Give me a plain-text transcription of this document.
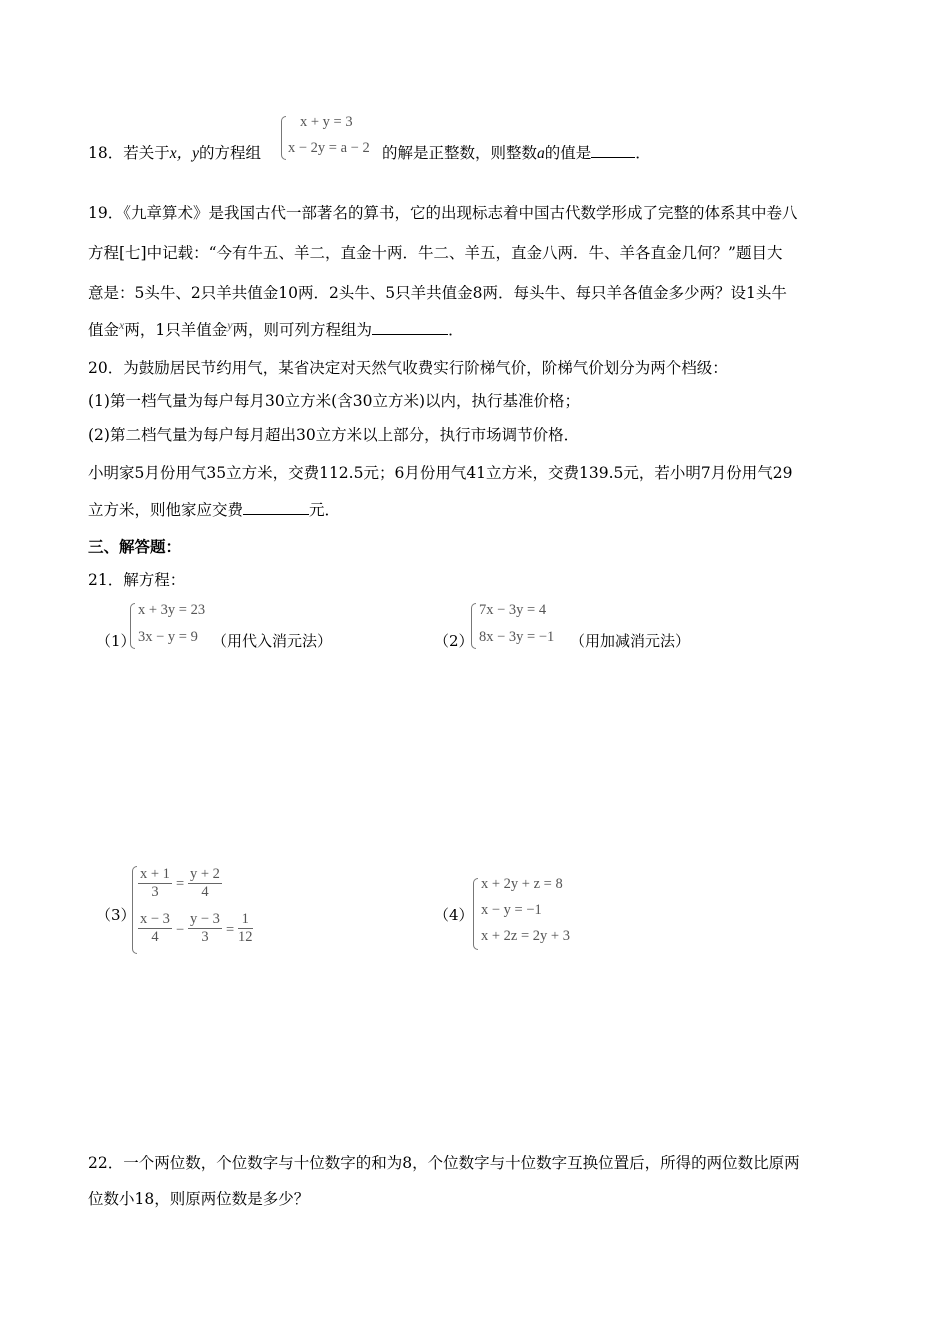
18．若关于x，y的方程组
x + y = 3
x − 2y = a − 2 的解是正整数，则整数a的值是	．
19．《九章算术》是我国古代一部著名的算书，它的出现标志着中国古代数学形成了完整的体系其中卷八
方程[七]中记载：“今有牛五、羊二，直金十两．牛二、羊五，直金八两．牛、羊各直金几何？”题目大
意是：5头牛、2只羊共值金10两．2头牛、5只羊共值金8两．每头牛、每只羊各值金多少两？设1头牛
值金$^x$两，1只羊值金$^y$两，则可列方程组为	．
20．为鼓励居民节约用气，某省决定对天然气收费实行阶梯气价，阶梯气价划分为两个档级：
(1)第一档气量为每户每月30立方米(含30立方米)以内，执行基准价格；
(2)第二档气量为每户每月超出30立方米以上部分，执行市场调节价格．
小明家5月份用气35立方米，交费112.5元；6月份用气41立方米，交费139.5元，若小明7月份用气29
立方米，则他家应交费	元．
三、解答题：
21．解方程：
（1）
x + 3y = 23
3x − y = 9 （用代入消元法）	（2）
7x − 3y = 4
8x − 3y = −1 （用加减消元法）
（3）
$\frac{x + 1}{3} = \frac{y + 2}{4}$
$\frac{x - 3}{4} - \frac{y - 3}{3} = \frac{1}{12}$	（4）
x + 2y + z = 8
x − y = −1
x + 2z = 2y + 3
22．一个两位数，个位数字与十位数字的和为8，个位数字与十位数字互换位置后，所得的两位数比原两
位数小18，则原两位数是多少？
